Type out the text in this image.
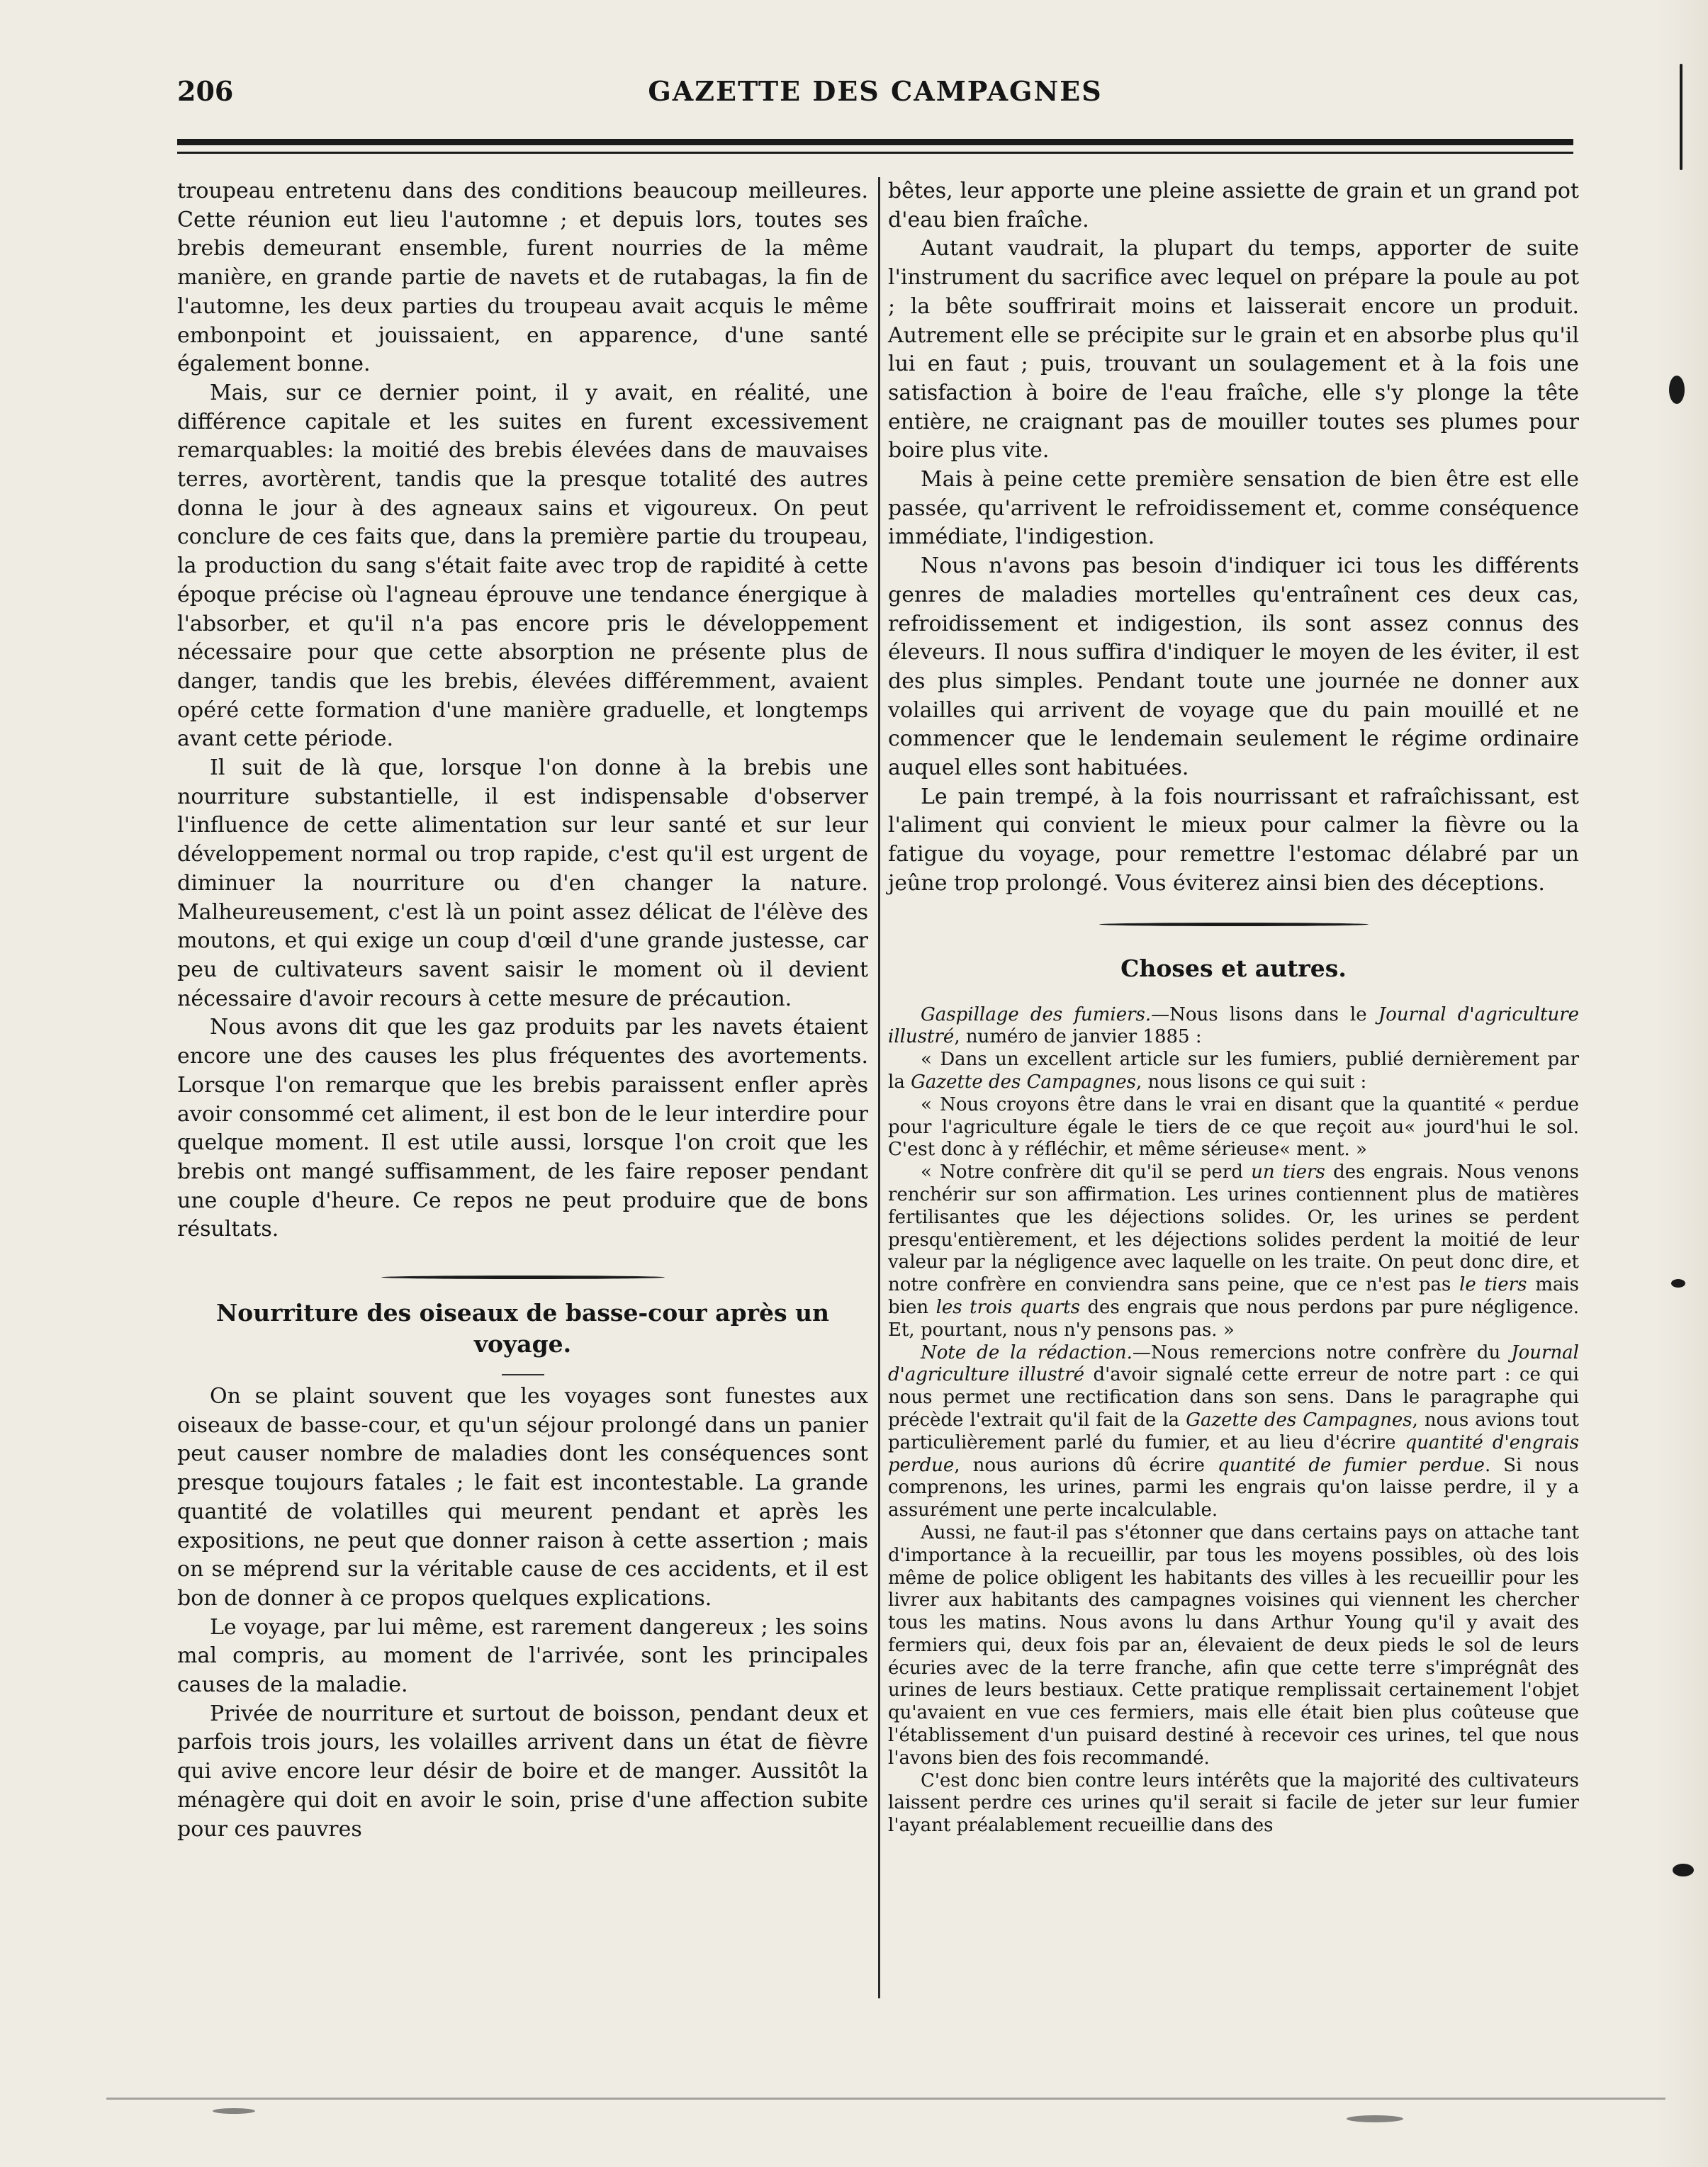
206	GAZETTE DES CAMPAGNES

troupeau entretenu dans des conditions beaucoup meilleures. Cette réunion eut lieu l'automne ; et depuis lors, toutes ses brebis demeurant ensemble, furent nourries de la même manière, en grande partie de navets et de rutabagas, la fin de l'automne, les deux parties du troupeau avait acquis le même embonpoint et jouissaient, en apparence, d'une santé également bonne.

Mais, sur ce dernier point, il y avait, en réalité, une différence capitale et les suites en furent excessivement remarquables: la moitié des brebis élevées dans de mauvaises terres, avortèrent, tandis que la presque totalité des autres donna le jour à des agneaux sains et vigoureux. On peut conclure de ces faits que, dans la première partie du troupeau, la production du sang s'était faite avec trop de rapidité à cette époque précise où l'agneau éprouve une tendance énergique à l'absorber, et qu'il n'a pas encore pris le développement nécessaire pour que cette absorption ne présente plus de danger, tandis que les brebis, élevées différemment, avaient opéré cette formation d'une manière graduelle, et longtemps avant cette période.

Il suit de là que, lorsque l'on donne à la brebis une nourriture substantielle, il est indispensable d'observer l'influence de cette alimentation sur leur santé et sur leur développement normal ou trop rapide, c'est qu'il est urgent de diminuer la nourriture ou d'en changer la nature. Malheureusement, c'est là un point assez délicat de l'élève des moutons, et qui exige un coup d'œil d'une grande justesse, car peu de cultivateurs savent saisir le moment où il devient nécessaire d'avoir recours à cette mesure de précaution.

Nous avons dit que les gaz produits par les navets étaient encore une des causes les plus fréquentes des avortements. Lorsque l'on remarque que les brebis paraissent enfler après avoir consommé cet aliment, il est bon de le leur interdire pour quelque moment. Il est utile aussi, lorsque l'on croit que les brebis ont mangé suffisamment, de les faire reposer pendant une couple d'heure. Ce repos ne peut produire que de bons résultats.

Nourriture des oiseaux de basse-cour après un voyage.

On se plaint souvent que les voyages sont funestes aux oiseaux de basse-cour, et qu'un séjour prolongé dans un panier peut causer nombre de maladies dont les conséquences sont presque toujours fatales ; le fait est incontestable. La grande quantité de volatilles qui meurent pendant et après les expositions, ne peut que donner raison à cette assertion ; mais on se méprend sur la véritable cause de ces accidents, et il est bon de donner à ce propos quelques explications.

Le voyage, par lui même, est rarement dangereux ; les soins mal compris, au moment de l'arrivée, sont les principales causes de la maladie.

Privée de nourriture et surtout de boisson, pendant deux et parfois trois jours, les volailles arrivent dans un état de fièvre qui avive encore leur désir de boire et de manger. Aussitôt la ménagère qui doit en avoir le soin, prise d'une affection subite pour ces pauvres

bêtes, leur apporte une pleine assiette de grain et un grand pot d'eau bien fraîche.

Autant vaudrait, la plupart du temps, apporter de suite l'instrument du sacrifice avec lequel on prépare la poule au pot ; la bête souffrirait moins et laisserait encore un produit. Autrement elle se précipite sur le grain et en absorbe plus qu'il lui en faut ; puis, trouvant un soulagement et à la fois une satisfaction à boire de l'eau fraîche, elle s'y plonge la tête entière, ne craignant pas de mouiller toutes ses plumes pour boire plus vite.

Mais à peine cette première sensation de bien être est elle passée, qu'arrivent le refroidissement et, comme conséquence immédiate, l'indigestion.

Nous n'avons pas besoin d'indiquer ici tous les différents genres de maladies mortelles qu'entraînent ces deux cas, refroidissement et indigestion, ils sont assez connus des éleveurs. Il nous suffira d'indiquer le moyen de les éviter, il est des plus simples. Pendant toute une journée ne donner aux volailles qui arrivent de voyage que du pain mouillé et ne commencer que le lendemain seulement le régime ordinaire auquel elles sont habituées.

Le pain trempé, à la fois nourrissant et rafraîchissant, est l'aliment qui convient le mieux pour calmer la fièvre ou la fatigue du voyage, pour remettre l'estomac délabré par un jeûne trop prolongé. Vous éviterez ainsi bien des déceptions.

Choses et autres.

Gaspillage des fumiers.—Nous lisons dans le Journal d'agriculture illustré, numéro de janvier 1885 :

« Dans un excellent article sur les fumiers, publié dernièrement par la Gazette des Campagnes, nous lisons ce qui suit :

« Nous croyons être dans le vrai en disant que la quantité « perdue pour l'agriculture égale le tiers de ce que reçoit au« jourd'hui le sol. C'est donc à y réfléchir, et même sérieuse« ment. »

« Notre confrère dit qu'il se perd un tiers des engrais. Nous venons renchérir sur son affirmation. Les urines contiennent plus de matières fertilisantes que les déjections solides. Or, les urines se perdent presqu'entièrement, et les déjections solides perdent la moitié de leur valeur par la négligence avec laquelle on les traite. On peut donc dire, et notre confrère en conviendra sans peine, que ce n'est pas le tiers mais bien les trois quarts des engrais que nous perdons par pure négligence. Et, pourtant, nous n'y pensons pas. »

Note de la rédaction.—Nous remercions notre confrère du Journal d'agriculture illustré d'avoir signalé cette erreur de notre part : ce qui nous permet une rectification dans son sens. Dans le paragraphe qui précède l'extrait qu'il fait de la Gazette des Campagnes, nous avions tout particulièrement parlé du fumier, et au lieu d'écrire quantité d'engrais perdue, nous aurions dû écrire quantité de fumier perdue. Si nous comprenons, les urines, parmi les engrais qu'on laisse perdre, il y a assurément une perte incalculable.

Aussi, ne faut-il pas s'étonner que dans certains pays on attache tant d'importance à la recueillir, par tous les moyens possibles, où des lois même de police obligent les habitants des villes à les recueillir pour les livrer aux habitants des campagnes voisines qui viennent les chercher tous les matins. Nous avons lu dans Arthur Young qu'il y avait des fermiers qui, deux fois par an, élevaient de deux pieds le sol de leurs écuries avec de la terre franche, afin que cette terre s'imprégnât des urines de leurs bestiaux. Cette pratique remplissait certainement l'objet qu'avaient en vue ces fermiers, mais elle était bien plus coûteuse que l'établissement d'un puisard destiné à recevoir ces urines, tel que nous l'avons bien des fois recommandé.

C'est donc bien contre leurs intérêts que la majorité des cultivateurs laissent perdre ces urines qu'il serait si facile de jeter sur leur fumier l'ayant préalablement recueillie dans des
